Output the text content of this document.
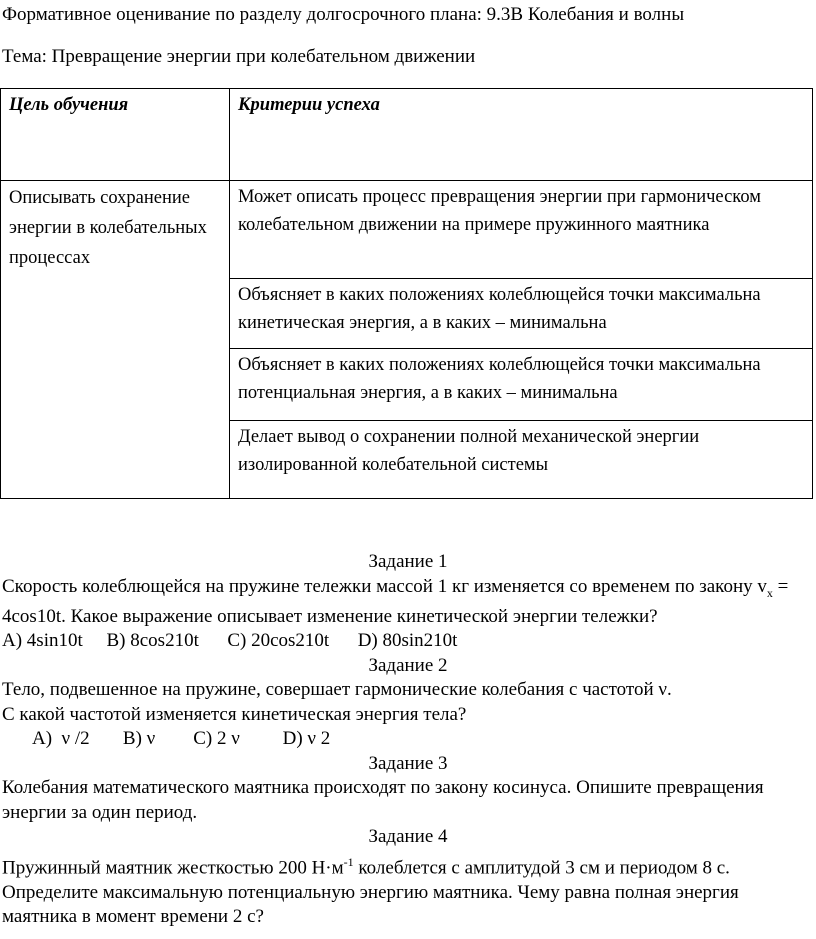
Формативное оценивание по разделу долгосрочного плана: 9.3В Колебания и волны
Тема: Превращение энергии при колебательном движении
Цель обучения	Критерии успеха

Описывать сохранение энергии в колебательных процессах	Может описать процесс превращения энергии при гармоническом колебательном движении на примере пружинного маятника

	Объясняет в каких положениях колеблющейся точки максимальна кинетическая энергия, а в каких – минимальна

	Объясняет в каких положениях колеблющейся точки максимальна потенциальная энергия, а в каких – минимальна

	Делает вывод о сохранении полной механической энергии изолированной колебательной системы
Задание 1
Скорость колеблющейся на пружине тележки массой 1 кг изменяется со временем по закону $v_x = 4\cos 10t$. Какое выражение описывает изменение кинетической энергии тележки?
A) 4sin10t     B) 8cos210t      C) 20cos210t      D) 80sin210t
Задание 2
Тело, подвешенное на пружине, совершает гармонические колебания с частотой ν.
С какой частотой изменяется кинетическая энергия тела?
A)  ν /2       B) ν        C) 2 ν         D) ν 2
Задание 3
Колебания математического маятника происходят по закону косинуса. Опишите превращения энергии за один период.
Задание 4
Пружинный маятник жесткостью 200 $Н\cdot м^{-1}$ колеблется с амплитудой 3 см и периодом 8 с. Определите максимальную потенциальную энергию маятника. Чему равна полная энергия маятника в момент времени 2 с?
